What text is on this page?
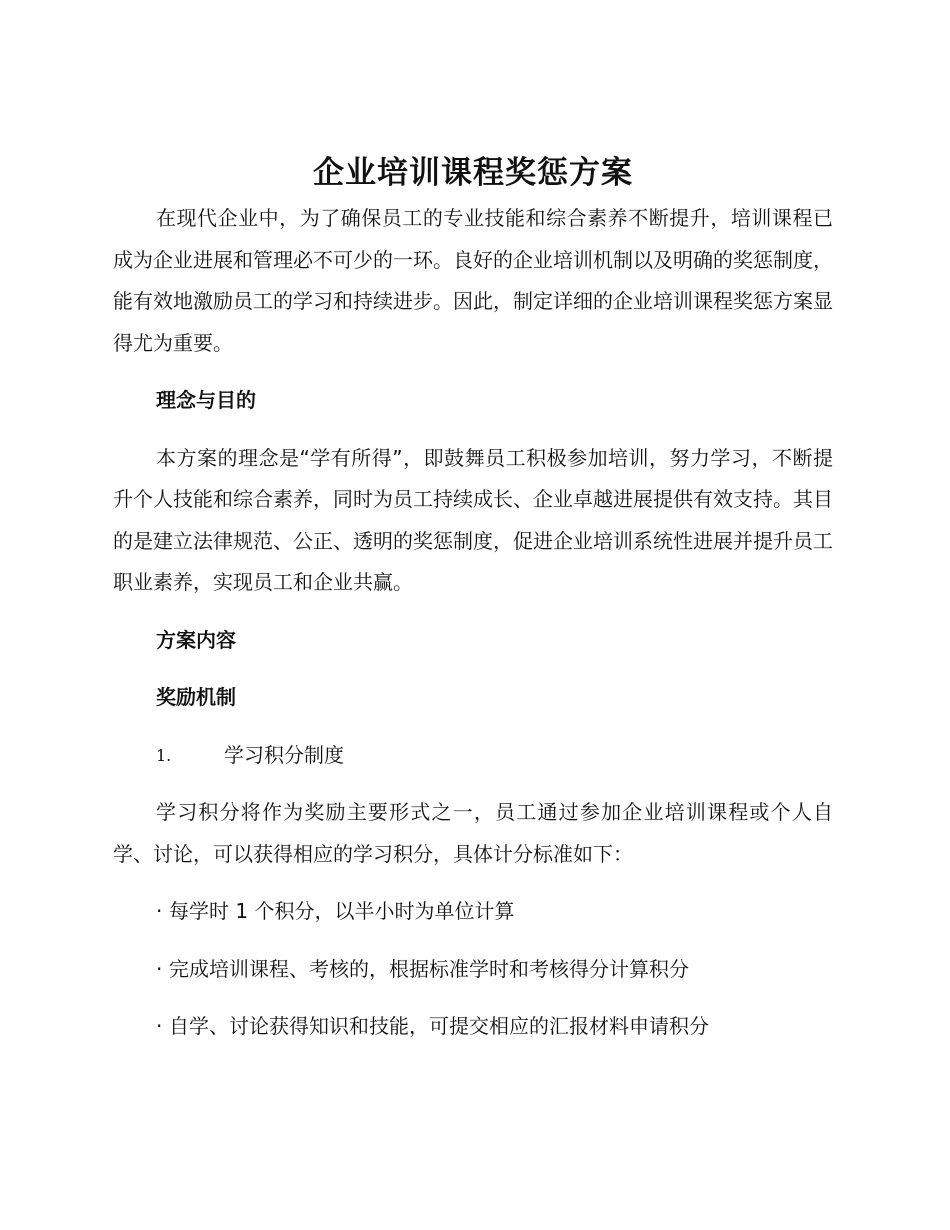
企业培训课程奖惩方案

在现代企业中，为了确保员工的专业技能和综合素养不断提升，培训课程已成为企业进展和管理必不可少的一环。良好的企业培训机制以及明确的奖惩制度，能有效地激励员工的学习和持续进步。因此，制定详细的企业培训课程奖惩方案显得尤为重要。

理念与目的

本方案的理念是“学有所得”，即鼓舞员工积极参加培训，努力学习，不断提升个人技能和综合素养，同时为员工持续成长、企业卓越进展提供有效支持。其目的是建立法律规范、公正、透明的奖惩制度，促进企业培训系统性进展并提升员工职业素养，实现员工和企业共赢。

方案内容

奖励机制

1.	学习积分制度

学习积分将作为奖励主要形式之一，员工通过参加企业培训课程或个人自学、讨论，可以获得相应的学习积分，具体计分标准如下：

· 每学时 1 个积分，以半小时为单位计算
· 完成培训课程、考核的，根据标准学时和考核得分计算积分
· 自学、讨论获得知识和技能，可提交相应的汇报材料申请积分
